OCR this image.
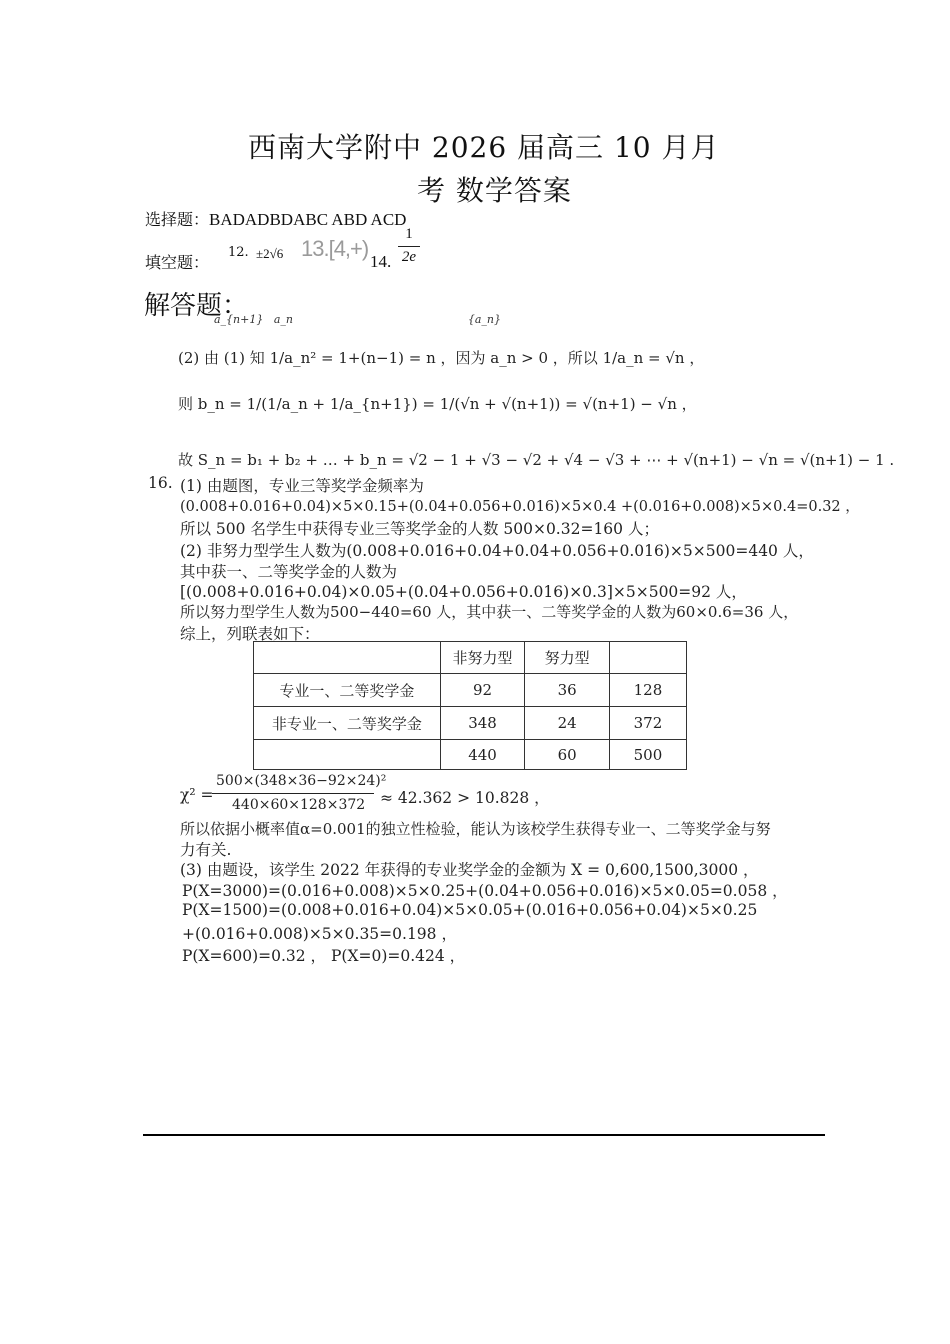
西南大学附中 2026 届高三 10 月月
考 数学答案
选择题：BADADBDABC ABD ACD
填空题：
12. ±2√6 13.[4,+)
14.
1
2e
解答题：
a_{n+1}   a_n                                                  {a_n}
(2) 由 (1) 知 1/a_n² = 1+(n−1) = n ，因为 a_n > 0 ，所以 1/a_n = √n ，
则 b_n = 1/(1/a_n + 1/a_{n+1}) = 1/(√n + √(n+1)) = √(n+1) − √n ，
故 S_n = b₁ + b₂ + … + b_n = √2 − 1 + √3 − √2 + √4 − √3 + ⋯ + √(n+1) − √n = √(n+1) − 1 .
16. (1) 由题图，专业三等奖学金频率为
(0.008+0.016+0.04)×5×0.15+(0.04+0.056+0.016)×5×0.4 +(0.016+0.008)×5×0.4=0.32 ，
所以 500 名学生中获得专业三等奖学金的人数 500×0.32=160 人；
(2) 非努力型学生人数为(0.008+0.016+0.04+0.04+0.056+0.016)×5×500=440 人，
其中获一、二等奖学金的人数为
[(0.008+0.016+0.04)×0.05+(0.04+0.056+0.016)×0.3]×5×500=92 人，
所以努力型学生人数为500−440=60 人，其中获一、二等奖学金的人数为60×0.6=36 人，
综上，列联表如下：
	非努力型	努力型	
专业一、二等奖学金	92	36	128
非专业一、二等奖学金	348	24	372
	440	60	500
χ² =
500×(348×36−92×24)²
440×60×128×372 ≈ 42.362 > 10.828 ，
所以依据小概率值α=0.001的独立性检验，能认为该校学生获得专业一、二等奖学金与努
力有关.
(3) 由题设，该学生 2022 年获得的专业奖学金的金额为 X = 0,600,1500,3000 ，
P(X=3000)=(0.016+0.008)×5×0.25+(0.04+0.056+0.016)×5×0.05=0.058 ，
P(X=1500)=(0.008+0.016+0.04)×5×0.05+(0.016+0.056+0.04)×5×0.25
+(0.016+0.008)×5×0.35=0.198 ，
P(X=600)=0.32 ， P(X=0)=0.424 ，
